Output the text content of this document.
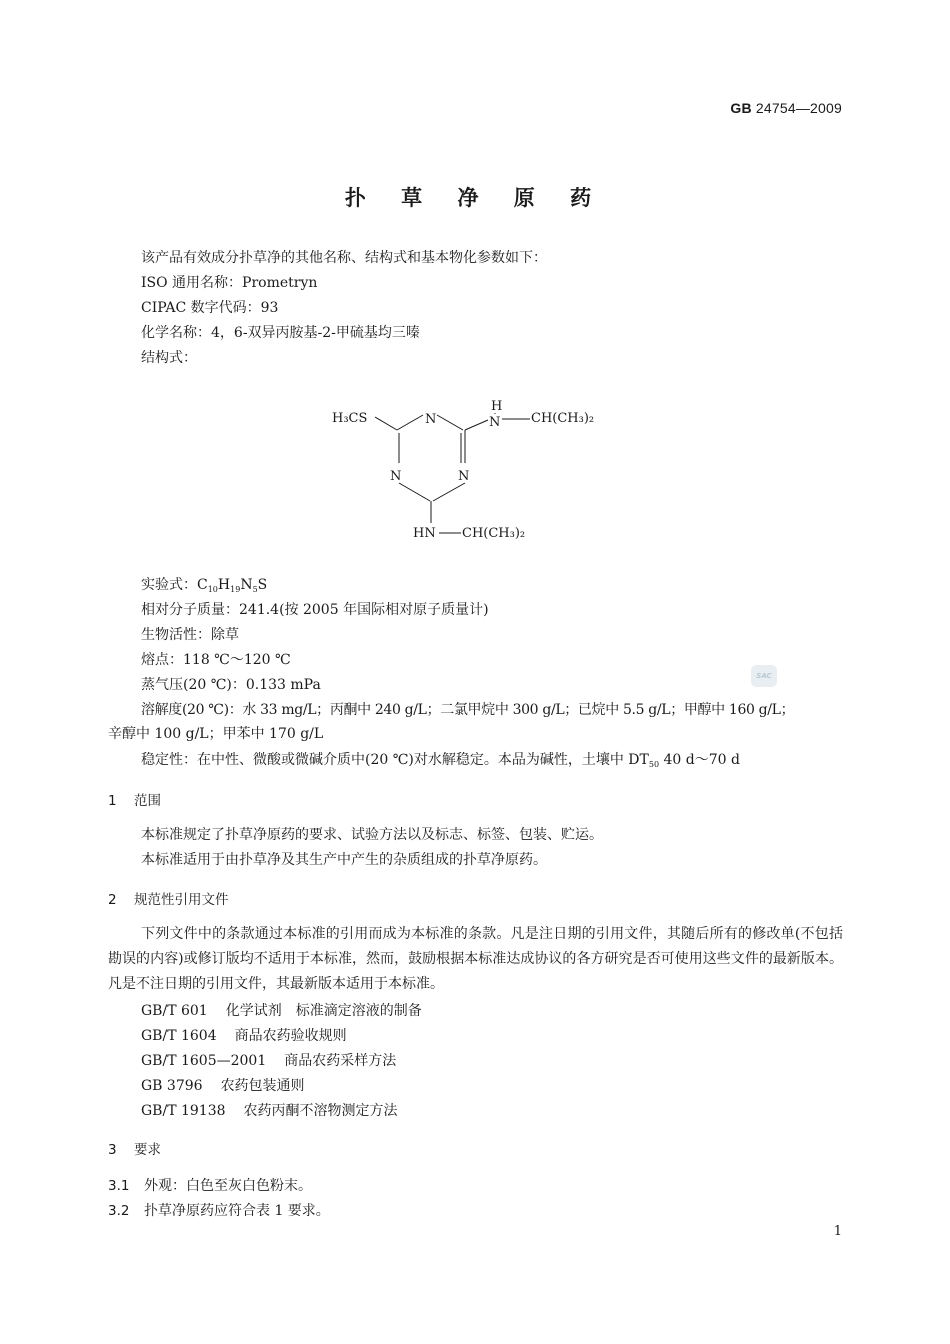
GB 24754—2009
扑 草 净 原 药
该产品有效成分扑草净的其他名称、结构式和基本物化参数如下：
ISO 通用名称：Prometryn
CIPAC 数字代码：93
化学名称：4，6-双异丙胺基-2-甲硫基均三嗪
结构式：
H₃CS	N
N	N
H
N CH(CH₃)₂
HN CH(CH₃)₂
实验式：$C_{10}H_{19}N_5S$
相对分子质量：241.4(按 2005 年国际相对原子质量计)
生物活性：除草
熔点：118 ℃～120 ℃
蒸气压(20 ℃)：0.133 mPa
溶解度(20 ℃)：水 33 mg/L；丙酮中 240 g/L；二氯甲烷中 300 g/L；已烷中 5.5 g/L；甲醇中 160 g/L；
辛醇中 100 g/L；甲苯中 170 g/L
稳定性：在中性、微酸或微碱介质中(20 ℃)对水解稳定。本品为碱性，土壤中 $DT_{50}$ 40 d～70 d
SAC
1 范围
本标准规定了扑草净原药的要求、试验方法以及标志、标签、包装、贮运。
本标准适用于由扑草净及其生产中产生的杂质组成的扑草净原药。
2 规范性引用文件
下列文件中的条款通过本标准的引用而成为本标准的条款。凡是注日期的引用文件，其随后所有的修改单(不包括勘误的内容)或修订版均不适用于本标准，然而，鼓励根据本标准达成协议的各方研究是否可使用这些文件的最新版本。凡是不注日期的引用文件，其最新版本适用于本标准。
GB/T 601 化学试剂　标准滴定溶液的制备
GB/T 1604 商品农药验收规则
GB/T 1605—2001 商品农药采样方法
GB 3796 农药包装通则
GB/T 19138 农药丙酮不溶物测定方法
3 要求
3.1 外观：白色至灰白色粉末。
3.2 扑草净原药应符合表 1 要求。
1
